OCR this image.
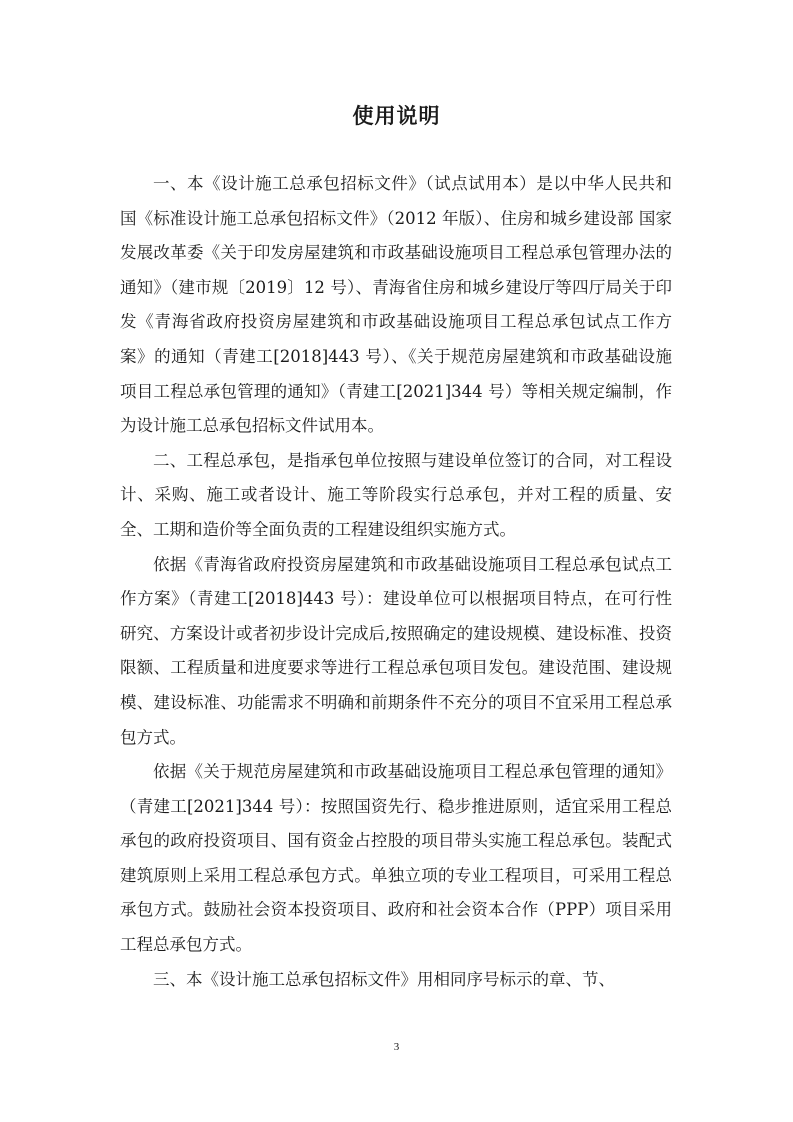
使用说明

一、本《设计施工总承包招标文件》（试点试用本）是以中华人民共和国《标准设计施工总承包招标文件》（2012 年版）、住房和城乡建设部 国家发展改革委《关于印发房屋建筑和市政基础设施项目工程总承包管理办法的通知》（建市规〔2019〕12 号）、青海省住房和城乡建设厅等四厅局关于印发《青海省政府投资房屋建筑和市政基础设施项目工程总承包试点工作方案》的通知（青建工[2018]443 号）、《关于规范房屋建筑和市政基础设施项目工程总承包管理的通知》（青建工[2021]344 号）等相关规定编制，作为设计施工总承包招标文件试用本。

二、工程总承包，是指承包单位按照与建设单位签订的合同，对工程设计、采购、施工或者设计、施工等阶段实行总承包，并对工程的质量、安全、工期和造价等全面负责的工程建设组织实施方式。

依据《青海省政府投资房屋建筑和市政基础设施项目工程总承包试点工作方案》（青建工[2018]443 号）：建设单位可以根据项目特点，在可行性研究、方案设计或者初步设计完成后,按照确定的建设规模、建设标准、投资限额、工程质量和进度要求等进行工程总承包项目发包。建设范围、建设规模、建设标准、功能需求不明确和前期条件不充分的项目不宜采用工程总承包方式。

依据《关于规范房屋建筑和市政基础设施项目工程总承包管理的通知》（青建工[2021]344 号）：按照国资先行、稳步推进原则，适宜采用工程总承包的政府投资项目、国有资金占控股的项目带头实施工程总承包。装配式建筑原则上采用工程总承包方式。单独立项的专业工程项目，可采用工程总承包方式。鼓励社会资本投资项目、政府和社会资本合作（PPP）项目采用工程总承包方式。

三、本《设计施工总承包招标文件》用相同序号标示的章、节、

3
